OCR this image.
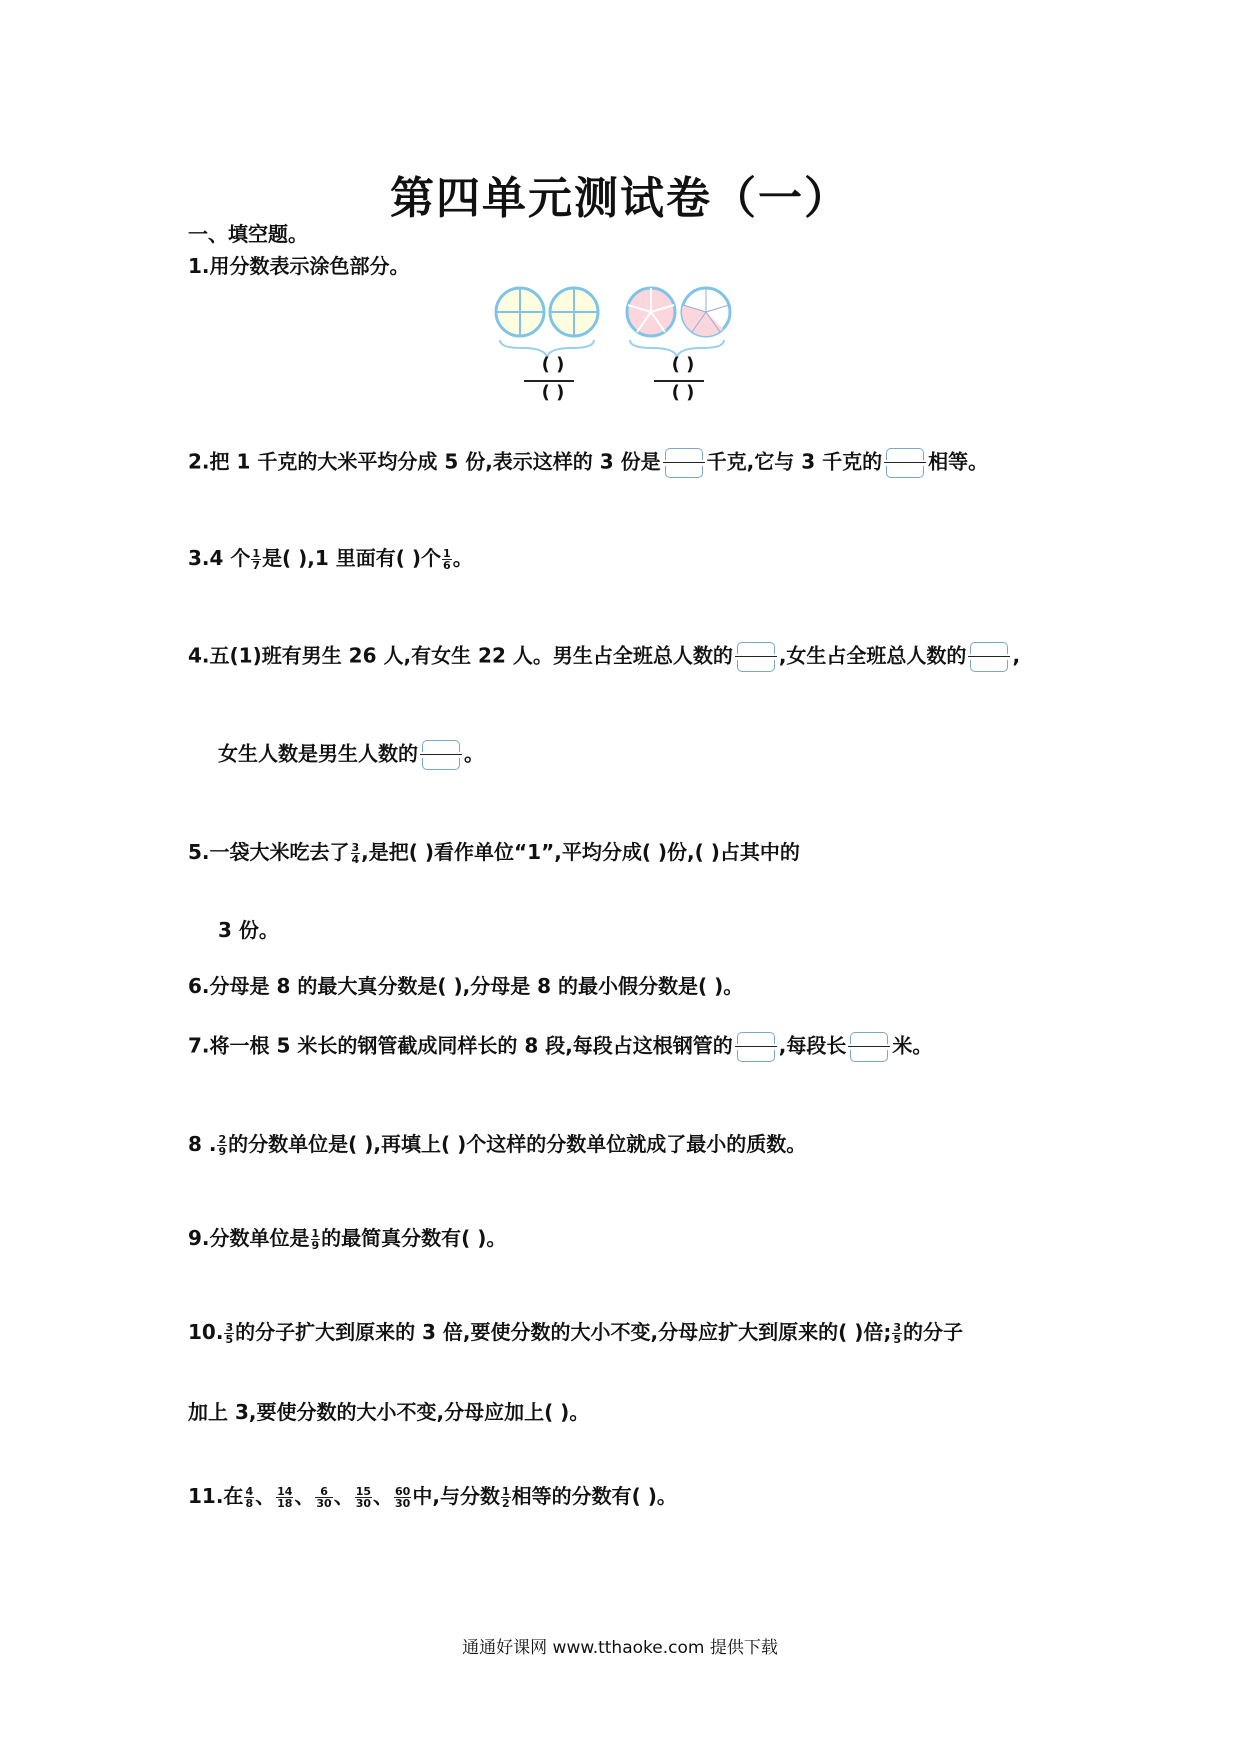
第四单元测试卷（一）
一、填空题。
1.用分数表示涂色部分。
( )
( )
( )
( )
2.把 1 千克的大米平均分成 5 份,表示这样的 3 份是 千克,它与 3 千克的 相等。
3.4 个 $\frac{1}{7}$ 是( ),1 里面有( )个 $\frac{1}{6}$ 。
4.五(1)班有男生 26 人,有女生 22 人。男生占全班总人数的 ,女生占全班总人数的 ,
女生人数是男生人数的 。
5.一袋大米吃去了 $\frac{3}{4}$ ,是把( )看作单位“1”,平均分成( )份,( )占其中的
3 份。
6.分母是 8 的最大真分数是( ),分母是 8 的最小假分数是( )。
7.将一根 5 米长的钢管截成同样长的 8 段,每段占这根钢管的 ,每段长 米。
8 . $\frac{2}{9}$ 的分数单位是( ),再填上( )个这样的分数单位就成了最小的质数。
9.分数单位是 $\frac{1}{9}$ 的最简真分数有( )。
10. $\frac{3}{5}$ 的分子扩大到原来的 3 倍,要使分数的大小不变,分母应扩大到原来的( )倍; $\frac{3}{5}$ 的分子
加上 3,要使分数的大小不变,分母应加上( )。
11.在 $\frac{4}{8}$ 、 $\frac{14}{18}$ 、 $\frac{6}{30}$ 、 $\frac{15}{30}$ 、 $\frac{60}{30}$ 中,与分数 $\frac{1}{2}$ 相等的分数有( )。
通通好课网 www.tthaoke.com 提供下载
